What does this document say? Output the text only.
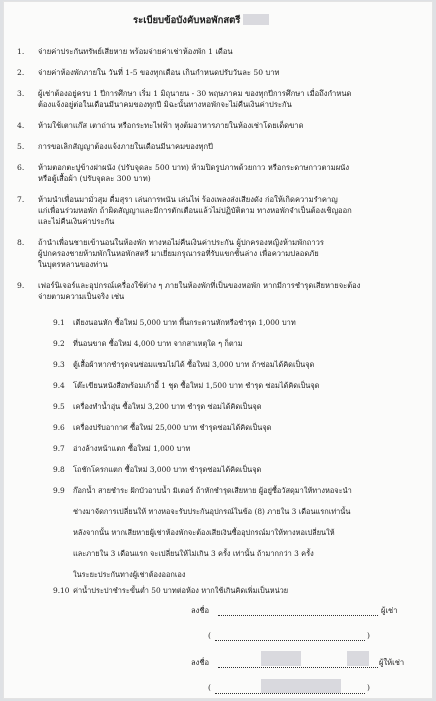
ระเบียบข้อบังคับหอพักสตรี
1. จ่ายค่าประกันทรัพย์เสียหาย พร้อมจ่ายค่าเช่าห้องพัก 1 เดือน
2. จ่ายค่าห้องพักภายใน วันที่ 1-5 ของทุกเดือน เกินกำหนดปรับวันละ 50 บาท
3. ผู้เช่าต้องอยู่ครบ 1 ปีการศึกษา เริ่ม 1 มิถุนายน - 30 พฤษภาคม ของทุกปีการศึกษา เมื่อถึงกำหนด
ต้องแจ้งอยู่ต่อในเดือนมีนาคมของทุกปี มิฉะนั้นทางหอพักจะไม่คืนเงินค่าประกัน
4. ห้ามใช้เตาแก๊ส เตาถ่าน หรือกระทะไฟฟ้า หุงต้มอาหารภายในห้องเช่าโดยเด็ดขาด
5. การขอเลิกสัญญาต้องแจ้งภายในเดือนมีนาคมของทุกปี
6. ห้ามตอกตะปูข้างฝาผนัง (ปรับจุดละ 500 บาท) ห้ามปิดรูปภาพด้วยกาว หรือกระดาษกาวตามผนัง
หรือตู้เสื้อผ้า (ปรับจุดละ 300 บาท)
7. ห้ามนำเพื่อนมามั่วสุม ดื่มสุรา เล่นการพนัน เล่นไพ่ ร้องเพลงส่งเสียงดัง ก่อให้เกิดความรำคาญ
แก่เพื่อนร่วมหอพัก ถ้าผิดสัญญาและมีการตักเตือนแล้วไม่ปฏิบัติตาม ทางหอพักจำเป็นต้องเชิญออก
และไม่คืนเงินค่าประกัน
8. ถ้านำเพื่อนชายเข้านอนในห้องพัก ทางหอไม่คืนเงินค่าประกัน ผู้ปกครองหญิงห้ามพักถาวร
ผู้ปกครองชายห้ามพักในหอพักสตรี มาเยี่ยมกรุณารอที่รับแขกชั้นล่าง เพื่อความปลอดภัย
ในบุตรหลานของท่าน
9. เฟอร์นิเจอร์และอุปกรณ์เครื่องใช้ต่าง ๆ ภายในห้องพักที่เป็นของหอพัก หากมีการชำรุดเสียหายจะต้อง
จ่ายตามความเป็นจริง เช่น
9.1 เตียงนอนหัก ซื้อใหม่ 5,000 บาท พื้นกระดานหักหรือชำรุด 1,000 บาท
9.2 ที่นอนขาด ซื้อใหม่ 4,000 บาท จากสาเหตุใด ๆ ก็ตาม
9.3 ตู้เสื้อผ้าหากชำรุดจนซ่อมแซมไม่ได้ ซื้อใหม่ 3,000 บาท ถ้าซ่อมได้คิดเป็นจุด
9.4 โต๊ะเขียนหนังสือพร้อมเก้าอี้ 1 ชุด ซื้อใหม่ 1,500 บาท ชำรุด ซ่อมได้คิดเป็นจุด
9.5 เครื่องทำน้ำอุ่น ซื้อใหม่ 3,200 บาท ชำรุด ซ่อมได้คิดเป็นจุด
9.6 เครื่องปรับอากาศ ซื้อใหม่ 25,000 บาท ชำรุดซ่อมได้คิดเป็นจุด
9.7 อ่างล้างหน้าแตก ซื้อใหม่ 1,000 บาท
9.8 โถชักโครกแตก ซื้อใหม่ 3,000 บาท ชำรุดซ่อมได้คิดเป็นจุด
9.9 ก๊อกน้ำ สายชำระ ฝักบัวอาบน้ำ มิเตอร์ ถ้าหักชำรุดเสียหาย ผู้อยู่ซื้อวัสดุมาให้ทางหอจะนำ
ช่างมาจัดการเปลี่ยนให้ ทางหอจะรับประกันอุปกรณ์ในข้อ (8) ภายใน 3 เดือนแรกเท่านั้น
หลังจากนั้น หากเสียหายผู้เช่าห้องพักจะต้องเสียเงินซื้ออุปกรณ์มาให้ทางหอเปลี่ยนให้
และภายใน 3 เดือนแรก จะเปลี่ยนให้ไม่เกิน 3 ครั้ง เท่านั้น ถ้ามากกว่า 3 ครั้ง
ในระยะประกันทางผู้เช่าต้องออกเอง
9.10 ค่าน้ำประปาชำระขั้นต่ำ 50 บาทต่อห้อง หากใช้เกินคิดเพิ่มเป็นหน่วย
ลงชื่อ	ผู้เช่า
(	)
ลงชื่อ	ผู้ให้เช่า
(	)
